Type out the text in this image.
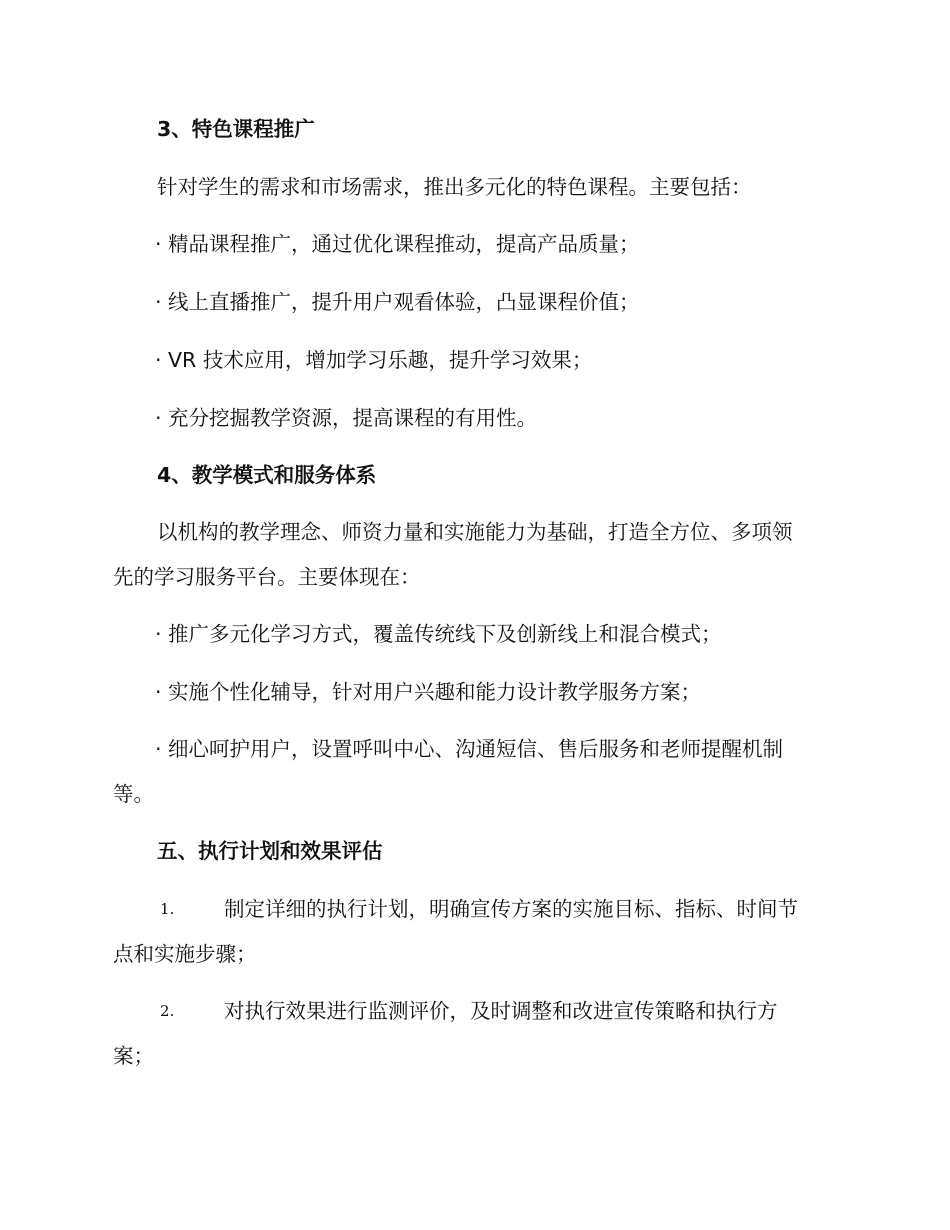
3、特色课程推广
针对学生的需求和市场需求，推出多元化的特色课程。主要包括：
· 精品课程推广，通过优化课程推动，提高产品质量；
· 线上直播推广，提升用户观看体验，凸显课程价值；
· VR 技术应用，增加学习乐趣，提升学习效果；
· 充分挖掘教学资源，提高课程的有用性。
4、教学模式和服务体系
以机构的教学理念、师资力量和实施能力为基础，打造全方位、多项领
先的学习服务平台。主要体现在：
· 推广多元化学习方式，覆盖传统线下及创新线上和混合模式；
· 实施个性化辅导，针对用户兴趣和能力设计教学服务方案；
· 细心呵护用户，设置呼叫中心、沟通短信、售后服务和老师提醒机制
等。
五、执行计划和效果评估
1. 制定详细的执行计划，明确宣传方案的实施目标、指标、时间节
点和实施步骤；
2. 对执行效果进行监测评价，及时调整和改进宣传策略和执行方
案；
